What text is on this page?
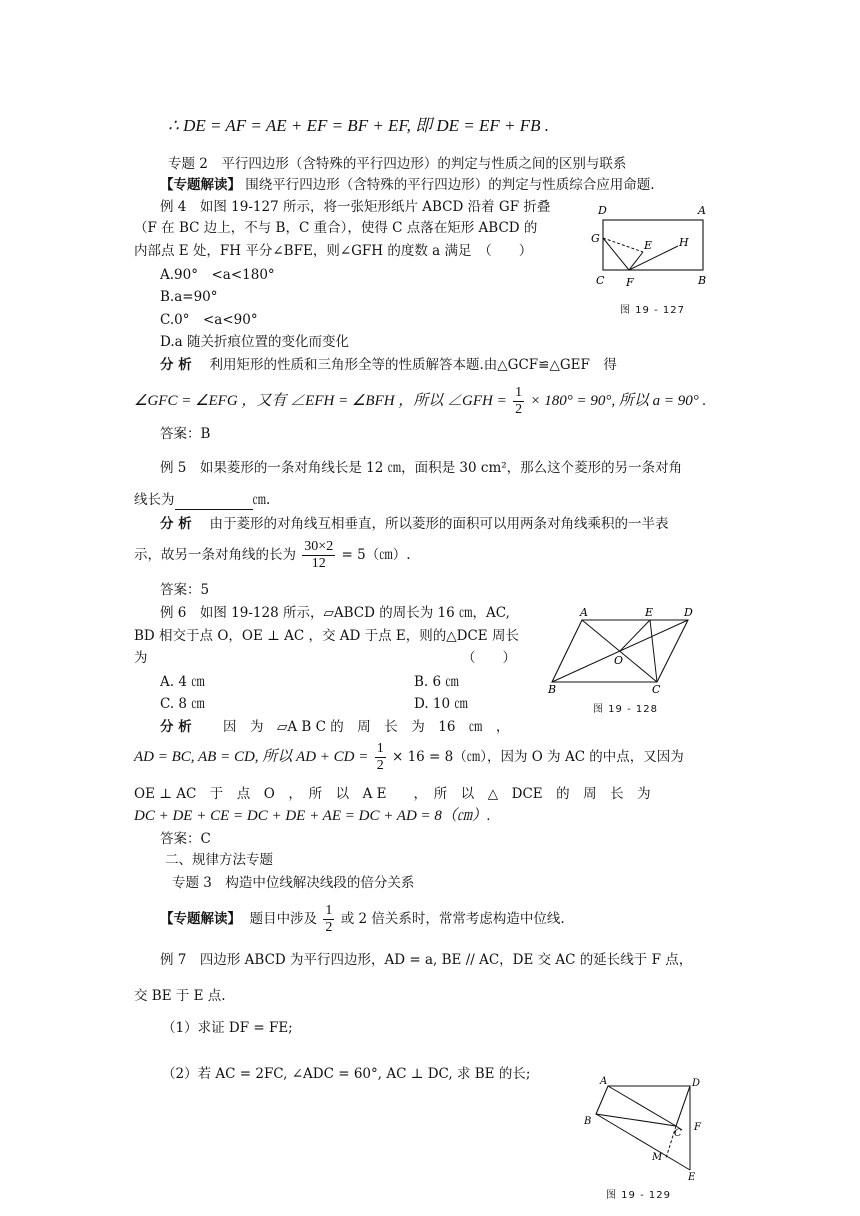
∴ DE = AF = AE + EF = BF + EF, 即 DE = EF + FB .
专题 2　平行四边形（含特殊的平行四边形）的判定与性质之间的区别与联系
【专题解读】 围绕平行四边形（含特殊的平行四边形）的判定与性质综合应用命题.
例 4　如图 19-127 所示，将一张矩形纸片 ABCD 沿着 GF 折叠
（F 在 BC 边上，不与 B，C 重合），使得 C 点落在矩形 ABCD 的
内部点 E 处，FH 平分∠BFE，则∠GFH 的度数 a 满足　（　　）
A.90°　<a<180°
B.a=90°
C.0°　<a<90°
D.a 随关折痕位置的变化而变化
D	A
G
E H
C F	B
图 19 - 127
分 析　 利用矩形的性质和三角形全等的性质解答本题.由△GCF≌△GEF　得
∠GFC = ∠EFG ，又有 ∠EFH = ∠BFH ，所以 ∠GFH = $\frac{1}{2} \times 180^\circ = 90^\circ$, 所以 a = 90° .
答案：B
例 5　如果菱形的一条对角线长是 12 ㎝，面积是 30 cm²，那么这个菱形的另一条对角
线长为	㎝.
分 析　 由于菱形的对角线互相垂直，所以菱形的面积可以用两条对角线乘积的一半表
示，故另一条对角线的长为 $\frac{30\times 2}{12}$ = 5（㎝）.
答案：5
例 6　如图 19-128 所示，▱ABCD 的周长为 16 ㎝，AC,
BD 相交于点 O，OE ⊥ AC ，交 AD 于点 E，则的△DCE 周长
为	（　　）
A. 4 ㎝	B. 6 ㎝
C. 8 ㎝	D. 10 ㎝
A	E	D
O
B	C
图 19 - 128
分 析　　 因　为　▱A B C 的　周　长　为　16　㎝　，
AD = BC, AB = CD, 所以 AD + CD = $\frac{1}{2} \times 16$ = 8（㎝），因为 O 为 AC 的中点，又因为
OE ⊥ AC　于　点　O　，　所　以　A E　　，　所　以　△　DCE　的　周　长　为
DC + DE + CE = DC + DE + AE = DC + AD = 8（㎝）.
答案：C
二、规律方法专题
专题 3　构造中位线解决线段的倍分关系
【专题解读】 题目中涉及 $\frac{1}{2}$ 或 2 倍关系时，常常考虑构造中位线.
例 7　四边形 ABCD 为平行四边形，AD = a, BE // AC，DE 交 AC 的延长线于 F 点，
交 BE 于 E 点.
（1）求证 DF = FE;
（2）若 AC = 2FC, ∠ADC = 60°, AC ⊥ DC, 求 BE 的长;	A	D
B
C
F
M
E
图 19 - 129
